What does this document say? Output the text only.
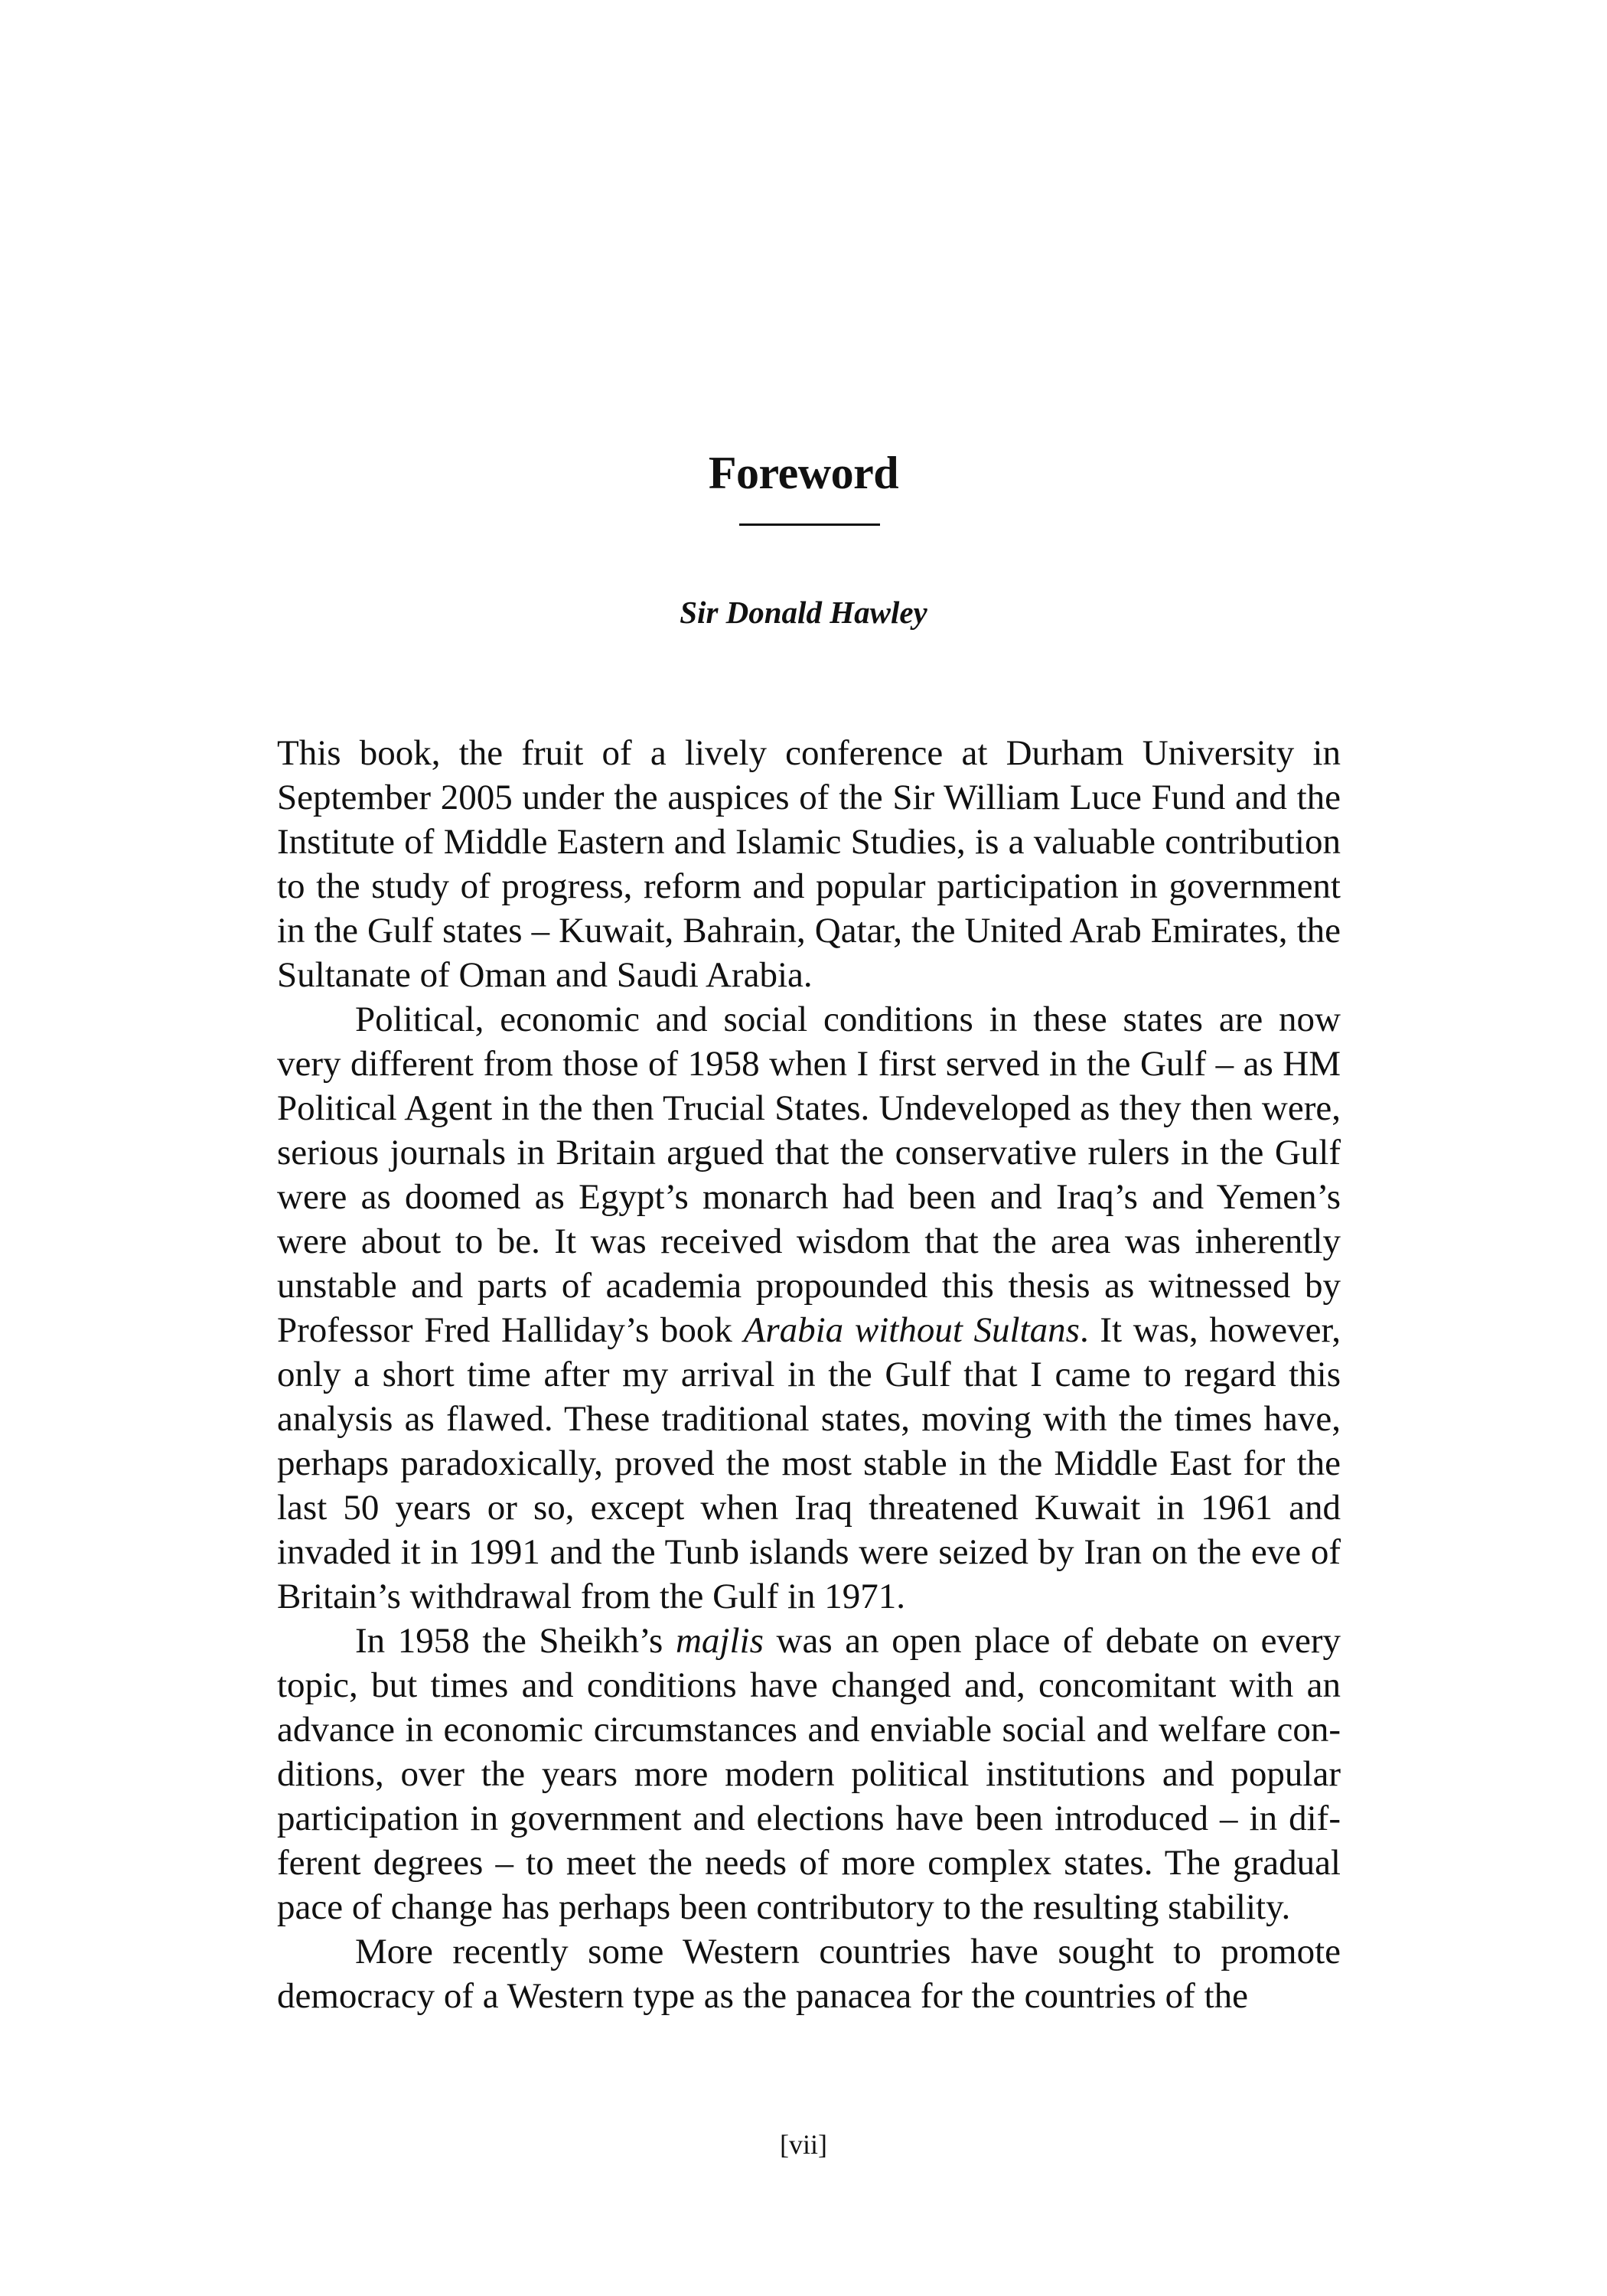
Foreword
Sir Donald Hawley

This book, the fruit of a lively conference at Durham University in September 2005 under the auspices of the Sir William Luce Fund and the Institute of Middle Eastern and Islamic Studies, is a valuable contribution to the study of progress, reform and popular participation in government in the Gulf states – Kuwait, Bahrain, Qatar, the United Arab Emirates, the Sultanate of Oman and Saudi Arabia.

Political, economic and social conditions in these states are now very different from those of 1958 when I first served in the Gulf – as HM Political Agent in the then Trucial States. Undeveloped as they then were, serious journals in Britain argued that the conservative rulers in the Gulf were as doomed as Egypt’s monarch had been and Iraq’s and Yemen’s were about to be. It was received wisdom that the area was inherently unstable and parts of academia propounded this thesis as witnessed by Professor Fred Halliday’s book Arabia without Sultans. It was, however, only a short time after my arrival in the Gulf that I came to regard this analysis as flawed. These traditional states, moving with the times have, perhaps paradoxically, proved the most stable in the Middle East for the last 50 years or so, except when Iraq threatened Kuwait in 1961 and invaded it in 1991 and the Tunb islands were seized by Iran on the eve of Britain’s withdrawal from the Gulf in 1971.

In 1958 the Sheikh’s majlis was an open place of debate on every topic, but times and conditions have changed and, concomitant with an advance in economic circumstances and enviable social and welfare conditions, over the years more modern political institutions and popular participation in government and elections have been introduced – in different degrees – to meet the needs of more complex states. The gradual pace of change has perhaps been contributory to the resulting stability.

More recently some Western countries have sought to promote democracy of a Western type as the panacea for the countries of the

[vii]
